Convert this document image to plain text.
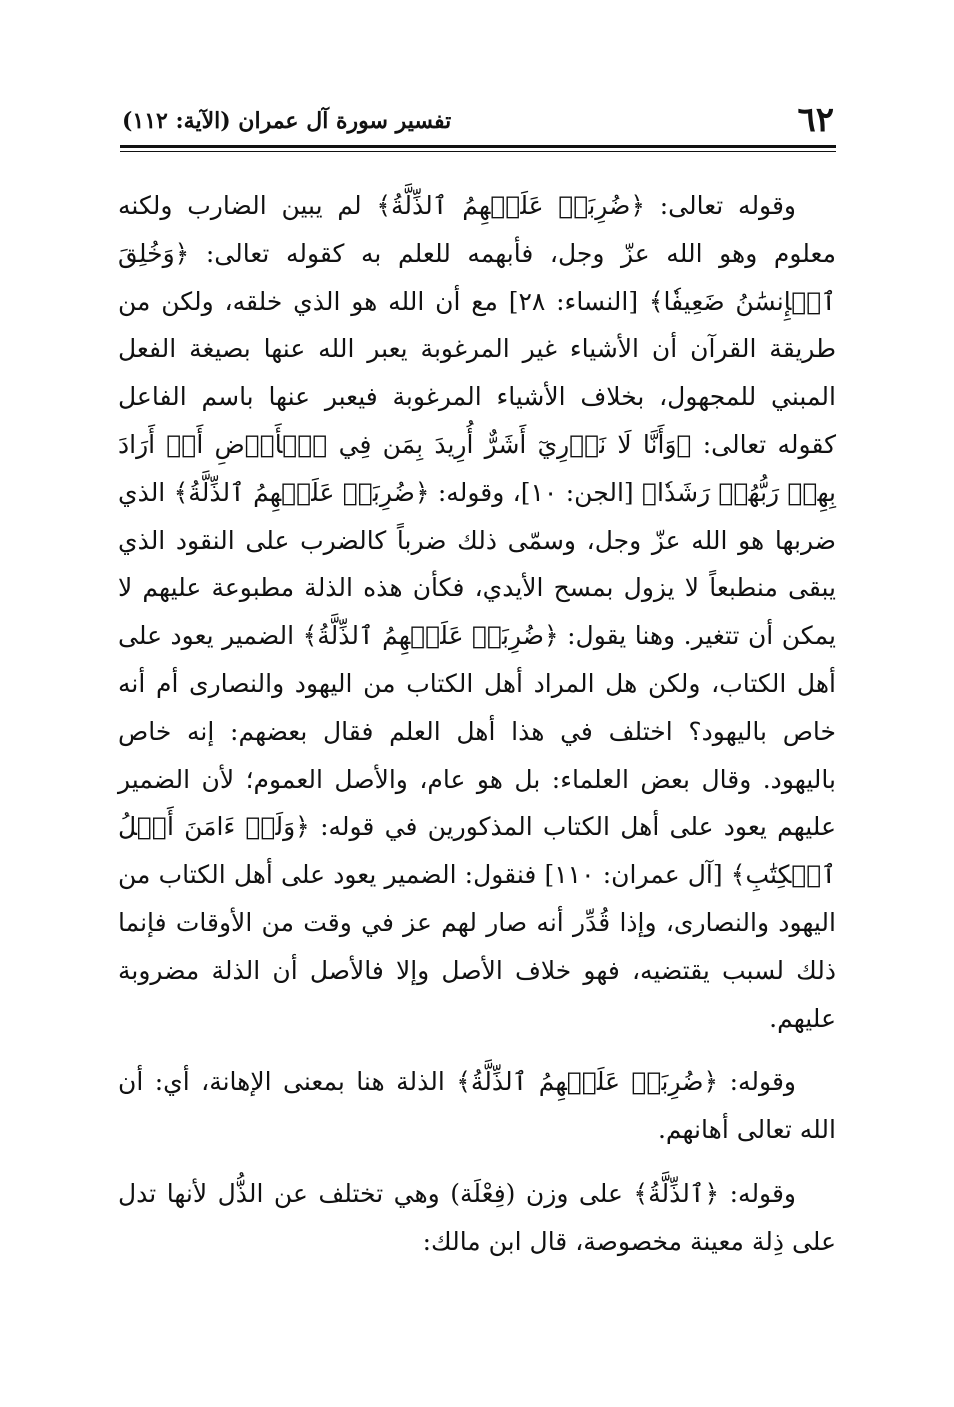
٦٢
تفسير سورة آل عمران (الآية: ١١٢)

وقوله تعالى: ﴿ضُرِبَتۡ عَلَيۡهِمُ ٱلذِّلَّةُ﴾ لم يبين الضارب ولكنه معلوم وهو الله عزّ وجل، فأبهمه للعلم به كقوله تعالى: ﴿وَخُلِقَ ٱلۡإِنسَٰنُ ضَعِيفٗا﴾ [النساء: ٢٨] مع أن الله هو الذي خلقه، ولكن من طريقة القرآن أن الأشياء غير المرغوبة يعبر الله عنها بصيغة الفعل المبني للمجهول، بخلاف الأشياء المرغوبة فيعبر عنها باسم الفاعل كقوله تعالى: ﴿وَأَنَّا لَا نَدۡرِيٓ أَشَرٌّ أُرِيدَ بِمَن فِي ٱلۡأَرۡضِ أَمۡ أَرَادَ بِهِمۡ رَبُّهُمۡ رَشَدٗا﴾ [الجن: ١٠]، وقوله: ﴿ضُرِبَتۡ عَلَيۡهِمُ ٱلذِّلَّةُ﴾ الذي ضربها هو الله عزّ وجل، وسمّى ذلك ضرباً كالضرب على النقود الذي يبقى منطبعاً لا يزول بمسح الأيدي، فكأن هذه الذلة مطبوعة عليهم لا يمكن أن تتغير. وهنا يقول: ﴿ضُرِبَتۡ عَلَيۡهِمُ ٱلذِّلَّةُ﴾ الضمير يعود على أهل الكتاب، ولكن هل المراد أهل الكتاب من اليهود والنصارى أم أنه خاص باليهود؟ اختلف في هذا أهل العلم فقال بعضهم: إنه خاص باليهود. وقال بعض العلماء: بل هو عام، والأصل العموم؛ لأن الضمير عليهم يعود على أهل الكتاب المذكورين في قوله: ﴿وَلَوۡ ءَامَنَ أَهۡلُ ٱلۡكِتَٰبِ﴾ [آل عمران: ١١٠] فنقول: الضمير يعود على أهل الكتاب من اليهود والنصارى، وإذا قُدِّر أنه صار لهم عز في وقت من الأوقات فإنما ذلك لسبب يقتضيه، فهو خلاف الأصل وإلا فالأصل أن الذلة مضروبة عليهم.

وقوله: ﴿ضُرِبَتۡ عَلَيۡهِمُ ٱلذِّلَّةُ﴾ الذلة هنا بمعنى الإهانة، أي: أن الله تعالى أهانهم.

وقوله: ﴿ٱلذِّلَّةُ﴾ على وزن (فِعْلَة) وهي تختلف عن الذُّل لأنها تدل على ذِلة معينة مخصوصة، قال ابن مالك:
